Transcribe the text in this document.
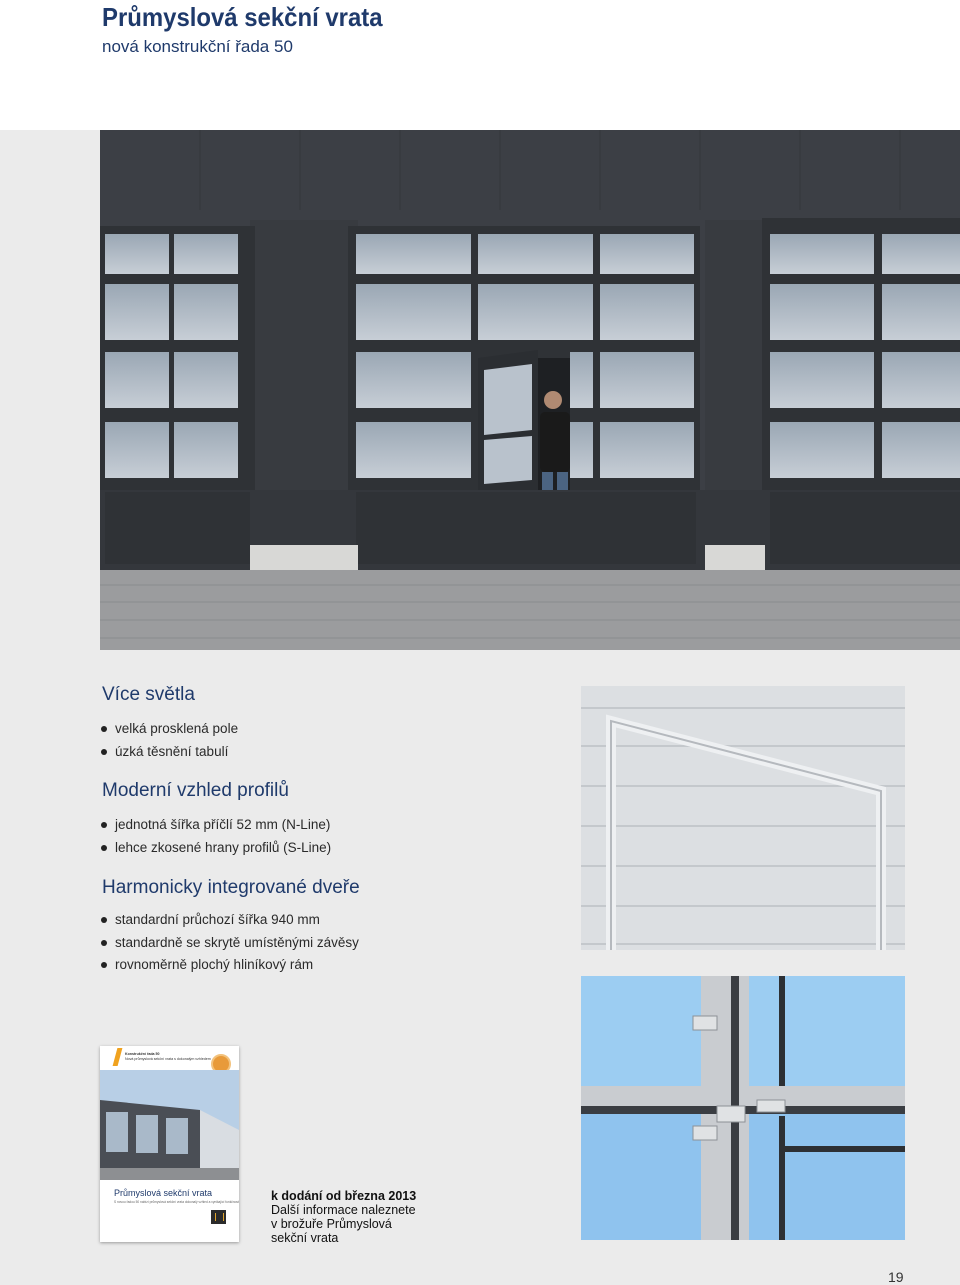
Průmyslová sekční vrata
nová konstrukční řada 50
Více světla
velká prosklená pole
úzká těsnění tabulí
Moderní vzhled profilů
jednotná šířka příčlí 52 mm (N-Line)
lehce zkosené hrany profilů (S-Line)
Harmonicky integrované dveře
standardní průchozí šířka 940 mm
standardně se skrytě umístěnými závěsy
rovnoměrně plochý hliníkový rám
Konstrukční řada 50
Nová průmyslová sekční vrata s dokonalým vzhledem
Průmyslová sekční vrata
S novou řadou 50 nabízí průmyslová sekční vrata dokonalý vzhled a vynikající funkčnost	k dodání od března 2013
Další informace naleznete
v brožuře Průmyslová
sekční vrata
19
